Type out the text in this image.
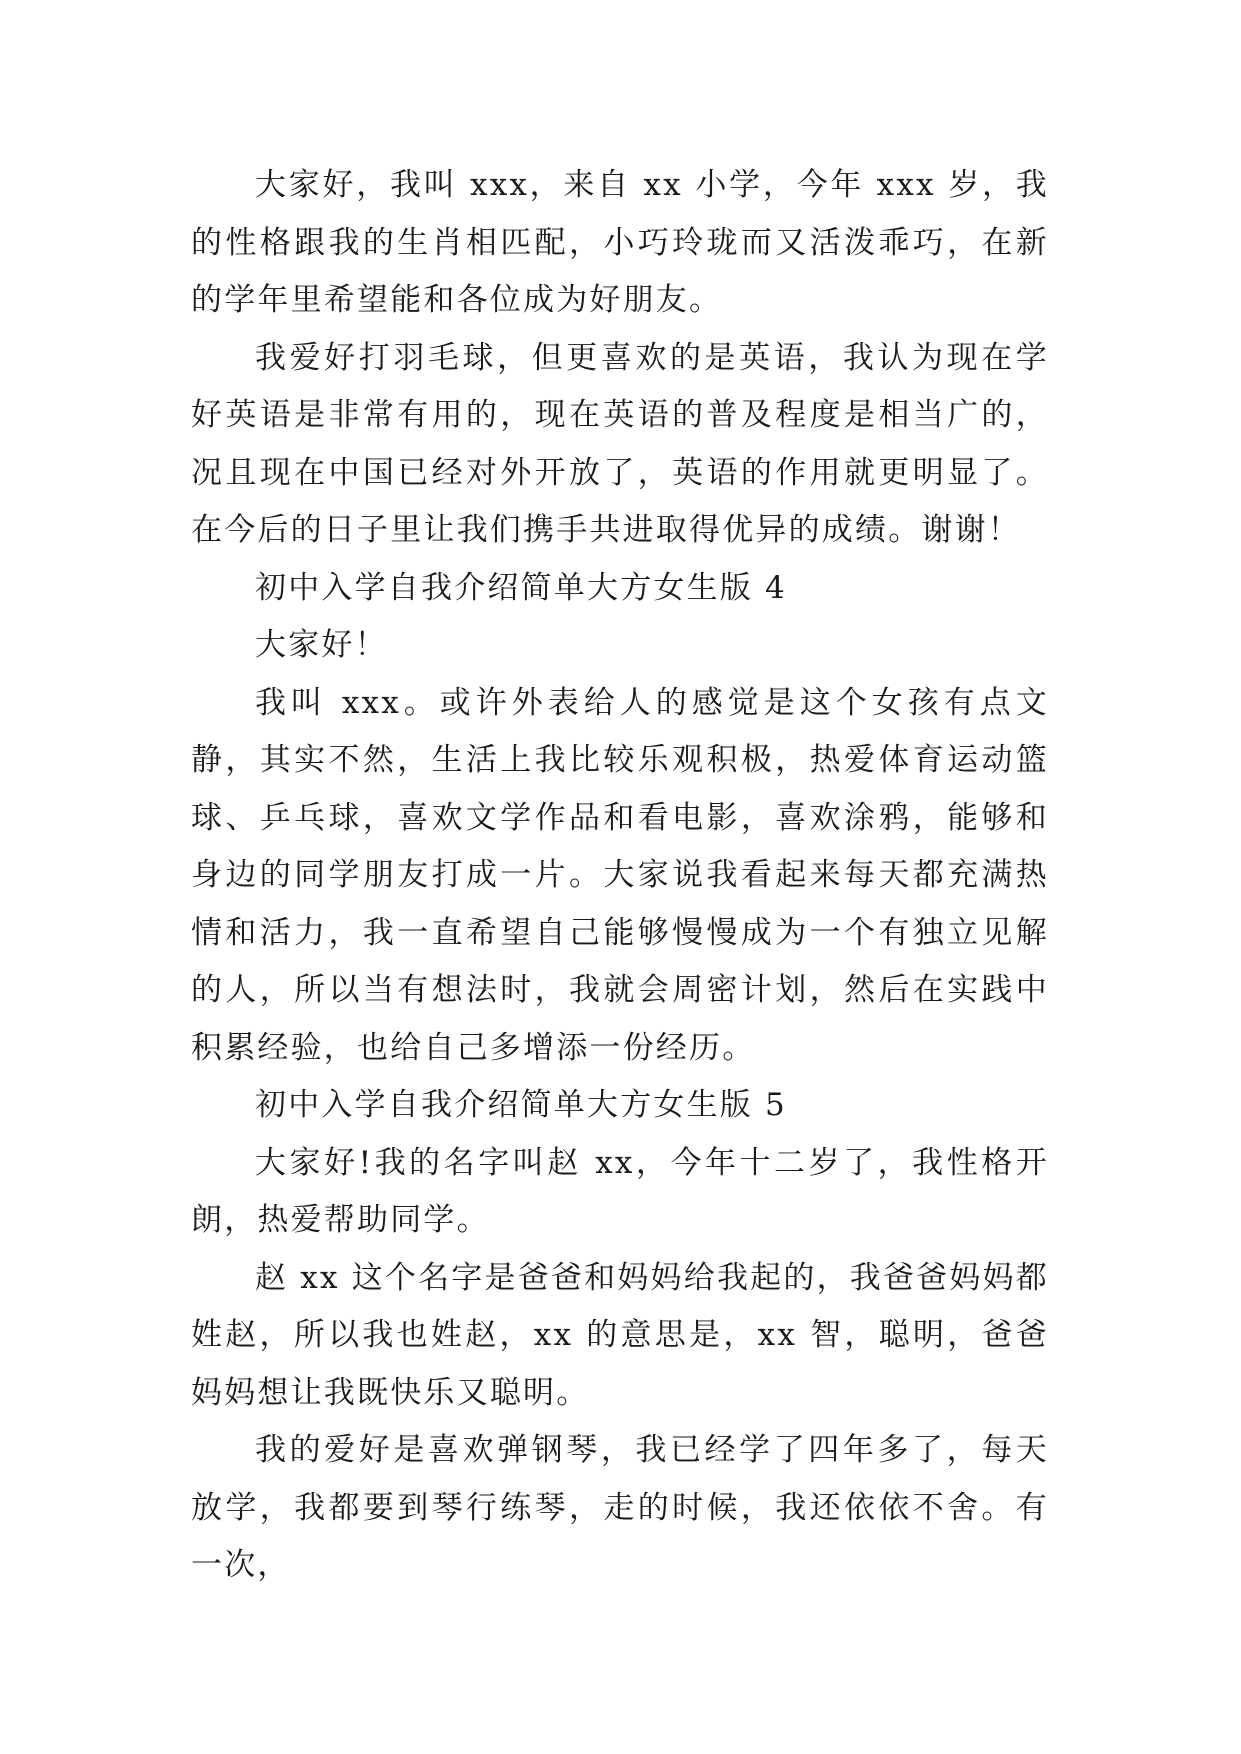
大家好，我叫 xxx，来自 xx 小学，今年 xxx 岁，我的性格跟我的生肖相匹配，小巧玲珑而又活泼乖巧，在新的学年里希望能和各位成为好朋友。

我爱好打羽毛球，但更喜欢的是英语，我认为现在学好英语是非常有用的，现在英语的普及程度是相当广的，况且现在中国已经对外开放了，英语的作用就更明显了。在今后的日子里让我们携手共进取得优异的成绩。谢谢！

初中入学自我介绍简单大方女生版 4

大家好！

我叫 xxx。或许外表给人的感觉是这个女孩有点文静，其实不然，生活上我比较乐观积极，热爱体育运动篮球、乒乓球，喜欢文学作品和看电影，喜欢涂鸦，能够和身边的同学朋友打成一片。大家说我看起来每天都充满热情和活力，我一直希望自己能够慢慢成为一个有独立见解的人，所以当有想法时，我就会周密计划，然后在实践中积累经验，也给自己多增添一份经历。

初中入学自我介绍简单大方女生版 5

大家好!我的名字叫赵 xx，今年十二岁了，我性格开朗，热爱帮助同学。

赵 xx 这个名字是爸爸和妈妈给我起的，我爸爸妈妈都姓赵，所以我也姓赵，xx 的意思是，xx 智，聪明，爸爸妈妈想让我既快乐又聪明。

我的爱好是喜欢弹钢琴，我已经学了四年多了，每天放学，我都要到琴行练琴，走的时候，我还依依不舍。有一次，
